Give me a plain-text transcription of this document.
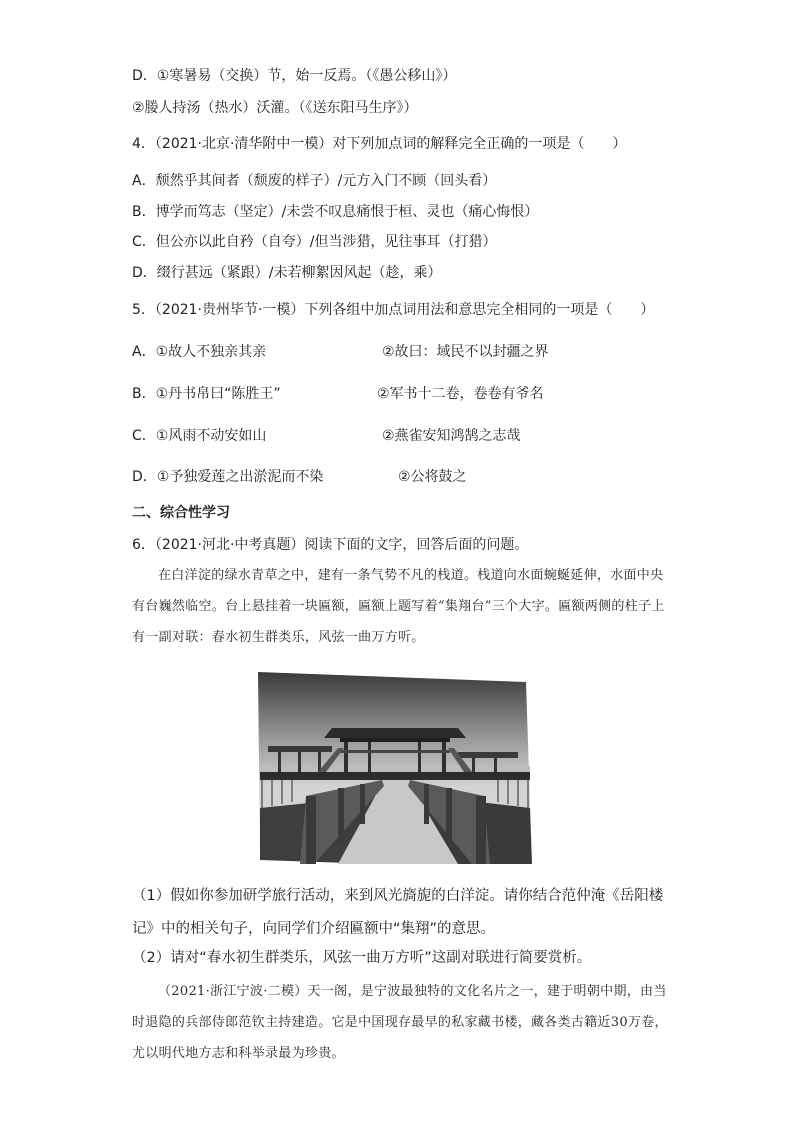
D．①寒暑易（交换）节，始一反焉。（《愚公移山》）
②媵人持汤（热水）沃灌。（《送东阳马生序》）
4．（2021·北京·清华附中一模）对下列加点词的解释完全正确的一项是（　　）
A．颓然乎其间者（颓废的样子）/元方入门不顾（回头看）
B．博学而笃志（坚定）/未尝不叹息痛恨于桓、灵也（痛心悔恨）
C．但公亦以此自矜（自夸）/但当涉猎，见往事耳（打猎）
D．缀行甚远（紧跟）/未若柳絮因风起（趁，乘）
5．（2021·贵州毕节·一模）下列各组中加点词用法和意思完全相同的一项是（　　）
A．①故人不独亲其亲	②故曰：域民不以封疆之界
B．①丹书帛曰“陈胜王”	②军书十二卷，卷卷有爷名
C．①风雨不动安如山	②燕雀安知鸿鹄之志哉
D．①予独爱莲之出淤泥而不染	②公将鼓之
二、综合性学习
6．（2021·河北·中考真题）阅读下面的文字，回答后面的问题。
在白洋淀的绿水青草之中，建有一条气势不凡的栈道。栈道向水面蜿蜒延伸，水面中央有台巍然临空。台上悬挂着一块匾额，匾额上题写着“集翔台”三个大字。匾额两侧的柱子上有一副对联：春水初生群类乐，风弦一曲万方听。
（1）假如你参加研学旅行活动，来到风光旖旎的白洋淀。请你结合范仲淹《岳阳楼记》中的相关句子，向同学们介绍匾额中“集翔”的意思。
（2）请对“春水初生群类乐，风弦一曲万方听”这副对联进行简要赏析。
（2021·浙江宁波·二模）天一阁，是宁波最独特的文化名片之一，建于明朝中期，由当时退隐的兵部侍郎范钦主持建造。它是中国现存最早的私家藏书楼，藏各类古籍近30万卷，尤以明代地方志和科举录最为珍贵。
